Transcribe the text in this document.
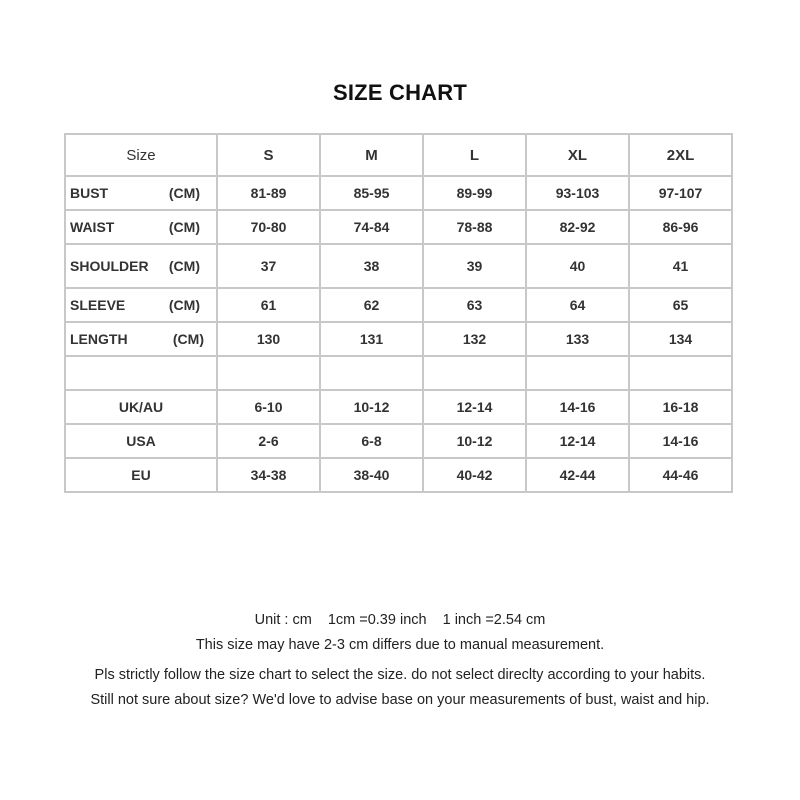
SIZE CHART
Size	S	M	L	XL	2XL

BUST (CM)	81-89	85-95	89-99	93-103	97-107

WAIST (CM)	70-80	74-84	78-88	82-92	86-96

SHOULDER (CM)	37	38	39	40	41

SLEEVE (CM)	61	62	63	64	65

LENGTH (CM)	130	131	132	133	134

UK/AU	6-10	10-12	12-14	14-16	16-18
USA	2-6	6-8	10-12	12-14	14-16
EU	34-38	38-40	40-42	42-44	44-46
Unit : cm 1cm =0.39 inch 1 inch =2.54 cm
This size may have 2-3 cm differs due to manual measurement.
Pls strictly follow the size chart to select the size. do not select direclty according to your habits.
Still not sure about size? We'd love to advise base on your measurements of bust, waist and hip.
